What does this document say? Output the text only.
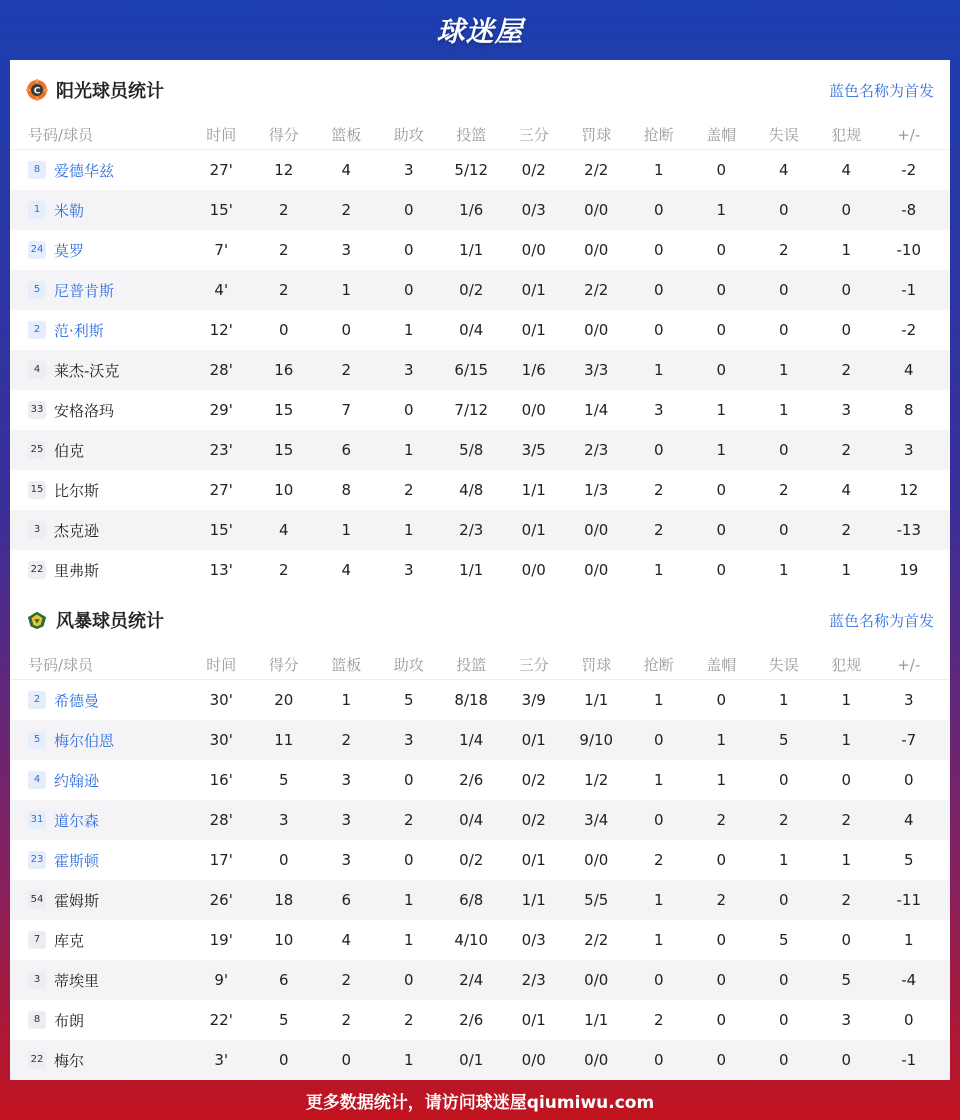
球迷屋
C 阳光球员统计	蓝色名称为首发
号码/球员	时间	得分	篮板	助攻	投篮	三分	罚球	抢断	盖帽	失误	犯规	+/-
8 爱德华兹	27'	12	4	3	5/12	0/2	2/2	1	0	4	4	-2
1 米勒	15'	2	2	0	1/6	0/3	0/0	0	1	0	0	-8
24 莫罗	7'	2	3	0	1/1	0/0	0/0	0	0	2	1	-10
5 尼普肯斯	4'	2	1	0	0/2	0/1	2/2	0	0	0	0	-1
2 范·利斯	12'	0	0	1	0/4	0/1	0/0	0	0	0	0	-2
4 莱杰-沃克	28'	16	2	3	6/15	1/6	3/3	1	0	1	2	4
33 安格洛玛	29'	15	7	0	7/12	0/0	1/4	3	1	1	3	8
25 伯克	23'	15	6	1	5/8	3/5	2/3	0	1	0	2	3
15 比尔斯	27'	10	8	2	4/8	1/1	1/3	2	0	2	4	12
3 杰克逊	15'	4	1	1	2/3	0/1	0/0	2	0	0	2	-13
22 里弗斯	13'	2	4	3	1/1	0/0	0/0	1	0	1	1	19
风暴球员统计	蓝色名称为首发
号码/球员	时间	得分	篮板	助攻	投篮	三分	罚球	抢断	盖帽	失误	犯规	+/-
2 希德曼	30'	20	1	5	8/18	3/9	1/1	1	0	1	1	3
5 梅尔伯恩	30'	11	2	3	1/4	0/1	9/10	0	1	5	1	-7
4 约翰逊	16'	5	3	0	2/6	0/2	1/2	1	1	0	0	0
31 道尔森	28'	3	3	2	0/4	0/2	3/4	0	2	2	2	4
23 霍斯顿	17'	0	3	0	0/2	0/1	0/0	2	0	1	1	5
54 霍姆斯	26'	18	6	1	6/8	1/1	5/5	1	2	0	2	-11
7 库克	19'	10	4	1	4/10	0/3	2/2	1	0	5	0	1
3 蒂埃里	9'	6	2	0	2/4	2/3	0/0	0	0	0	5	-4
8 布朗	22'	5	2	2	2/6	0/1	1/1	2	0	0	3	0
22 梅尔	3'	0	0	1	0/1	0/0	0/0	0	0	0	0	-1
更多数据统计，请访问球迷屋qiumiwu.com
